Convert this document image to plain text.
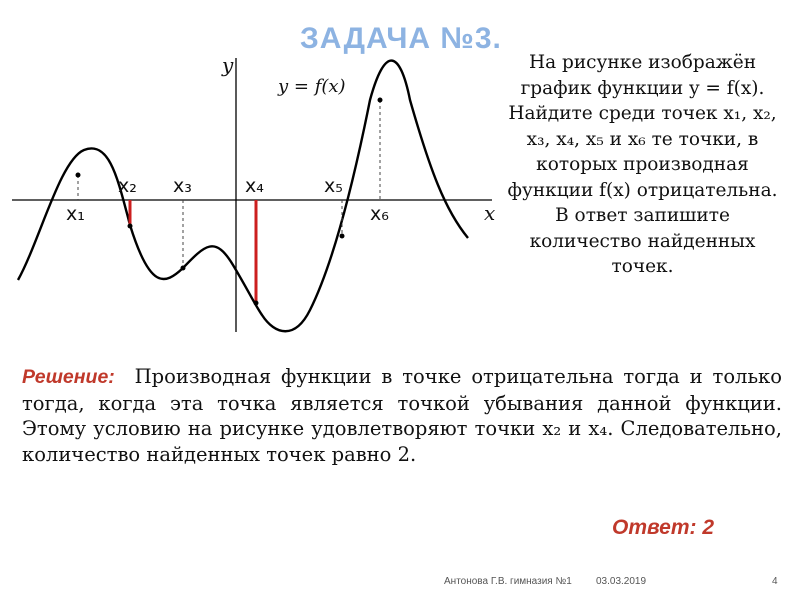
ЗАДАЧА №3.
y
x
y = f(x)
x₁
x₂ x₃	x₄	x₅
x₆
На рисунке изображён график функции y = f(x). Найдите среди точек x₁, x₂, x₃, x₄, x₅ и x₆ те точки, в которых производная функции f(x) отрицательна. В ответ запишите количество найденных точек.
Решение: Производная функции в точке отрицательна тогда и только тогда, когда эта точка является точкой убывания данной функции. Этому условию на рисунке удовлетворяют точки x₂ и x₄. Следовательно, количество найденных точек равно 2.
Ответ: 2
Антонова Г.В. гимназия №1 03.03.2019	4
